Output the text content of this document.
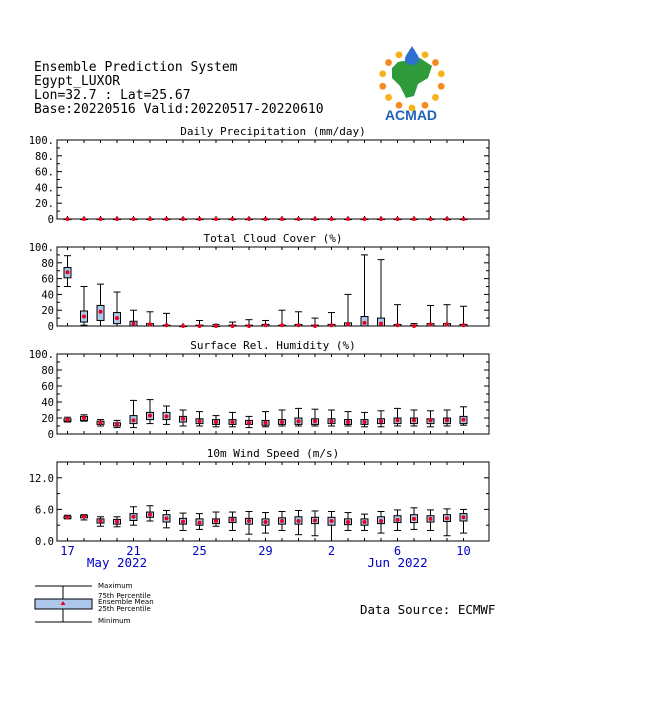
Ensemble Prediction System
Egypt_LUXOR
Lon=32.7 : Lat=25.67
Base:20220516 Valid:20220517-20220610	ACMAD
Daily Precipitation (mm/day)
0
20.
40.
60.
80.
100.
Total Cloud Cover (%)
0
20
40
60
80
100.
Surface Rel. Humidity (%)
0
20
40
60
80
100.
10m Wind Speed (m/s)
0.0
6.0
12.0
17	21	25	29	2	6	10
May 2022	Jun 2022
Maximum
75th Percentile
Ensemble Mean
25th Percentile
Minimum
Data Source: ECMWF
